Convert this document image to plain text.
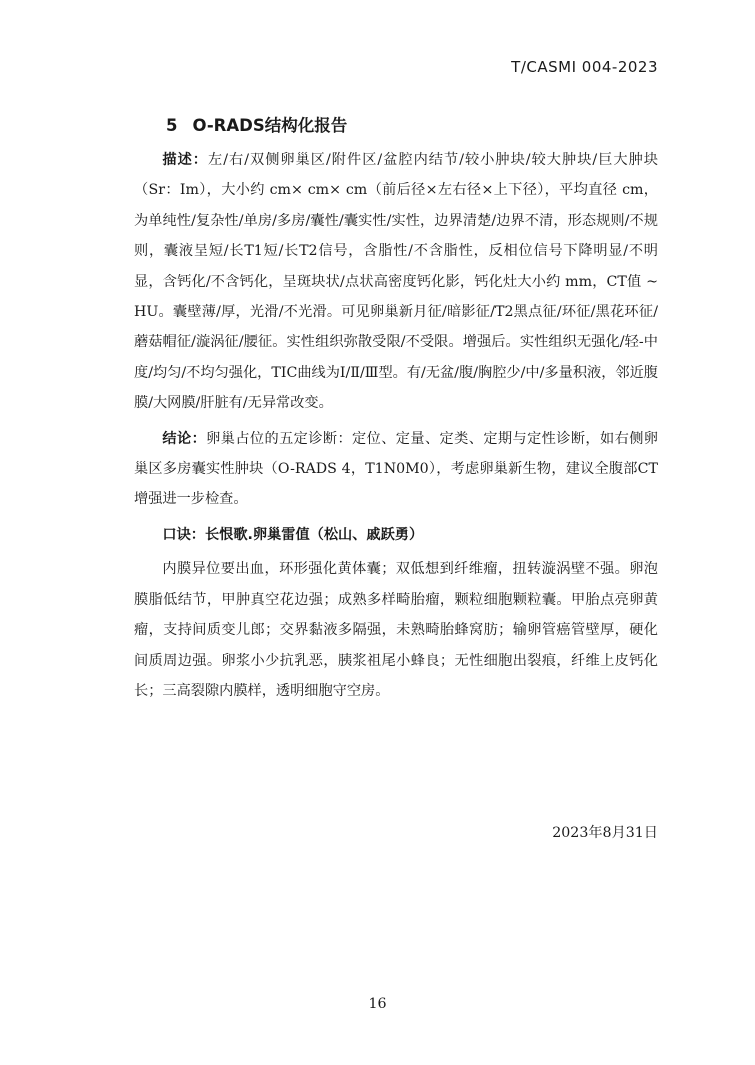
T/CASMI 004-2023
5 O-RADS结构化报告

描述：左/右/双侧卵巢区/附件区/盆腔内结节/较小肿块/较大肿块/巨大肿块（Sr：Im），大小约 cm× cm× cm（前后径×左右径×上下径），平均直径 cm，为单纯性/复杂性/单房/多房/囊性/囊实性/实性，边界清楚/边界不清，形态规则/不规则，囊液呈短/长T1短/长T2信号，含脂性/不含脂性，反相位信号下降明显/不明显，含钙化/不含钙化，呈斑块状/点状高密度钙化影，钙化灶大小约 mm，CT值 ~ HU。囊壁薄/厚，光滑/不光滑。可见卵巢新月征/暗影征/T2黑点征/环征/黑花环征/蘑菇帽征/漩涡征/腰征。实性组织弥散受限/不受限。增强后。实性组织无强化/轻-中度/均匀/不均匀强化，TIC曲线为Ⅰ/Ⅱ/Ⅲ型。有/无盆/腹/胸腔少/中/多量积液，邻近腹膜/大网膜/肝脏有/无异常改变。

结论：卵巢占位的五定诊断：定位、定量、定类、定期与定性诊断，如右侧卵巢区多房囊实性肿块（O-RADS 4，T1N0M0），考虑卵巢新生物，建议全腹部CT增强进一步检查。

口诀：长恨歌.卵巢雷值（松山、戚跃勇）

内膜异位要出血，环形强化黄体囊；双低想到纤维瘤，扭转漩涡壁不强。卵泡膜脂低结节，甲肿真空花边强；成熟多样畸胎瘤，颗粒细胞颗粒囊。甲胎点亮卵黄瘤，支持间质变儿郎；交界黏液多隔强，未熟畸胎蜂窝肪；输卵管癌管壁厚，硬化间质周边强。卵浆小少抗乳恶，胰浆祖尾小蜂良；无性细胞出裂痕，纤维上皮钙化长；三高裂隙内膜样，透明细胞守空房。

2023年8月31日
16
